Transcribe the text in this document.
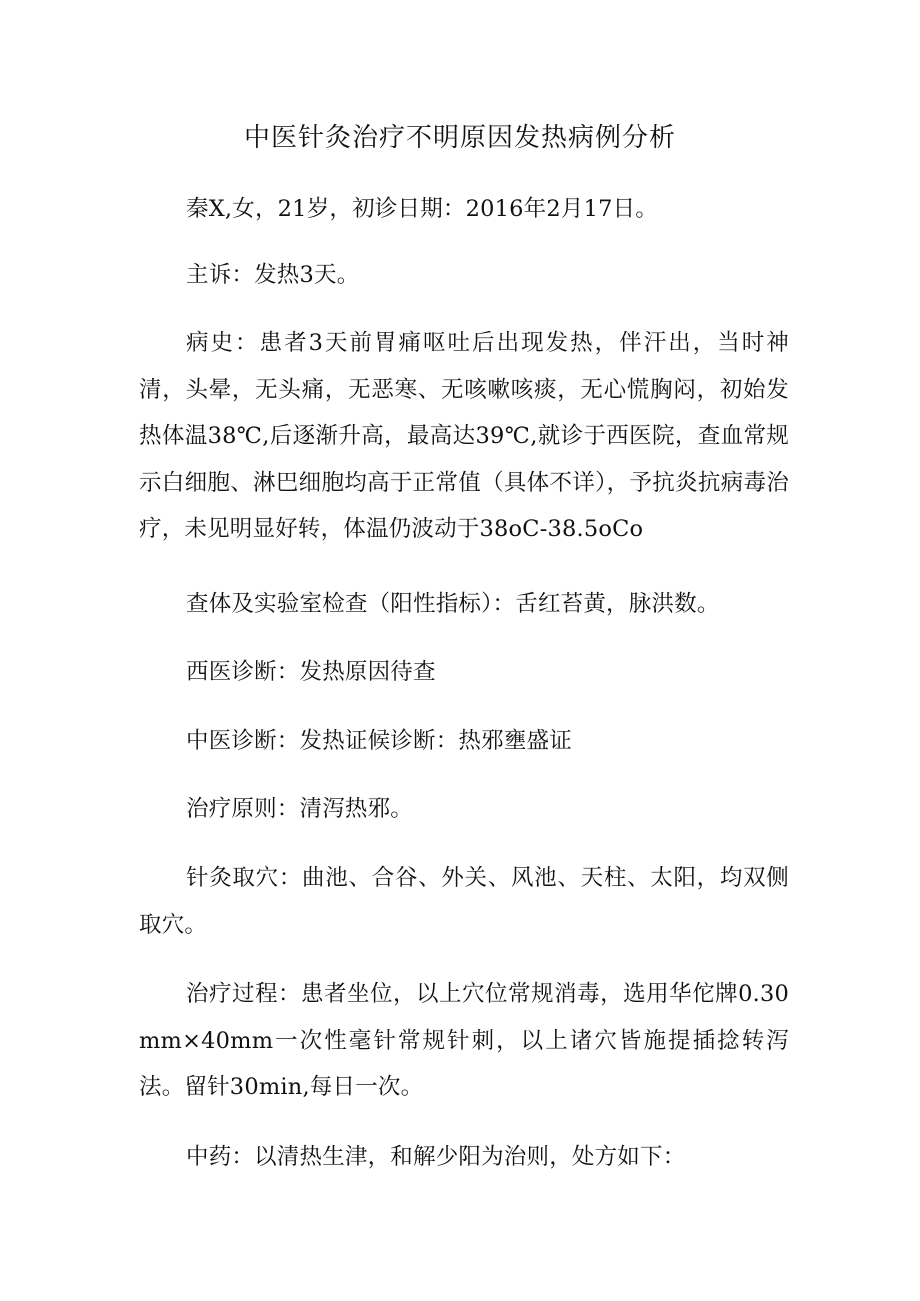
中医针灸治疗不明原因发热病例分析

秦X,女，21岁，初诊日期：2016年2月17日。

主诉：发热3天。

病史：患者3天前胃痛呕吐后出现发热，伴汗出，当时神清，头晕，无头痛，无恶寒、无咳嗽咳痰，无心慌胸闷，初始发热体温38℃,后逐渐升高，最高达39℃,就诊于西医院，查血常规示白细胞、淋巴细胞均高于正常值（具体不详），予抗炎抗病毒治疗，未见明显好转，体温仍波动于38oC-38.5oCo

查体及实验室检查（阳性指标）：舌红苔黄，脉洪数。

西医诊断：发热原因待查

中医诊断：发热证候诊断：热邪壅盛证

治疗原则：清泻热邪。

针灸取穴：曲池、合谷、外关、风池、天柱、太阳，均双侧取穴。

治疗过程：患者坐位，以上穴位常规消毒，选用华佗牌0.30mm×40mm一次性毫针常规针刺，以上诸穴皆施提插捻转泻法。留针30min,每日一次。

中药：以清热生津，和解少阳为治则，处方如下：
